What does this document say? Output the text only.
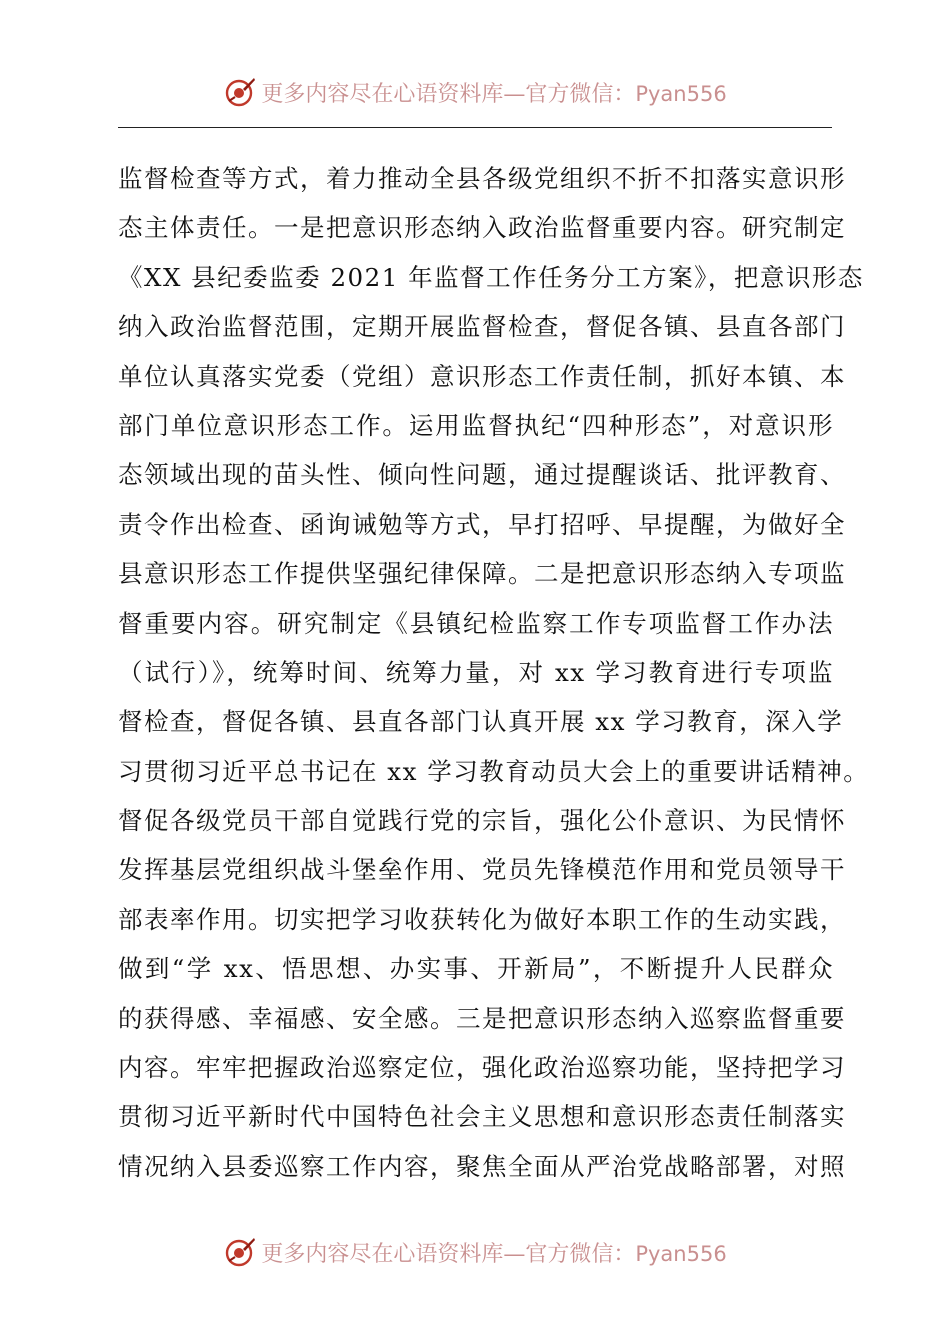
更多内容尽在心语资料库—官方微信：Pyan556
监督检查等方式，着力推动全县各级党组织不折不扣落实意识形
态主体责任。一是把意识形态纳入政治监督重要内容。研究制定
《XX 县纪委监委 2021 年监督工作任务分工方案》，把意识形态
纳入政治监督范围，定期开展监督检查，督促各镇、县直各部门
单位认真落实党委（党组）意识形态工作责任制，抓好本镇、本
部门单位意识形态工作。运用监督执纪“四种形态”，对意识形
态领域出现的苗头性、倾向性问题，通过提醒谈话、批评教育、
责令作出检查、函询诫勉等方式，早打招呼、早提醒，为做好全
县意识形态工作提供坚强纪律保障。二是把意识形态纳入专项监
督重要内容。研究制定《县镇纪检监察工作专项监督工作办法
（试行）》，统筹时间、统筹力量，对 xx 学习教育进行专项监
督检查，督促各镇、县直各部门认真开展 xx 学习教育，深入学
习贯彻习近平总书记在 xx 学习教育动员大会上的重要讲话精神。
督促各级党员干部自觉践行党的宗旨，强化公仆意识、为民情怀
发挥基层党组织战斗堡垒作用、党员先锋模范作用和党员领导干
部表率作用。切实把学习收获转化为做好本职工作的生动实践，
做到“学 xx、悟思想、办实事、开新局”，不断提升人民群众
的获得感、幸福感、安全感。三是把意识形态纳入巡察监督重要
内容。牢牢把握政治巡察定位，强化政治巡察功能，坚持把学习
贯彻习近平新时代中国特色社会主义思想和意识形态责任制落实
情况纳入县委巡察工作内容，聚焦全面从严治党战略部署，对照
更多内容尽在心语资料库—官方微信：Pyan556
